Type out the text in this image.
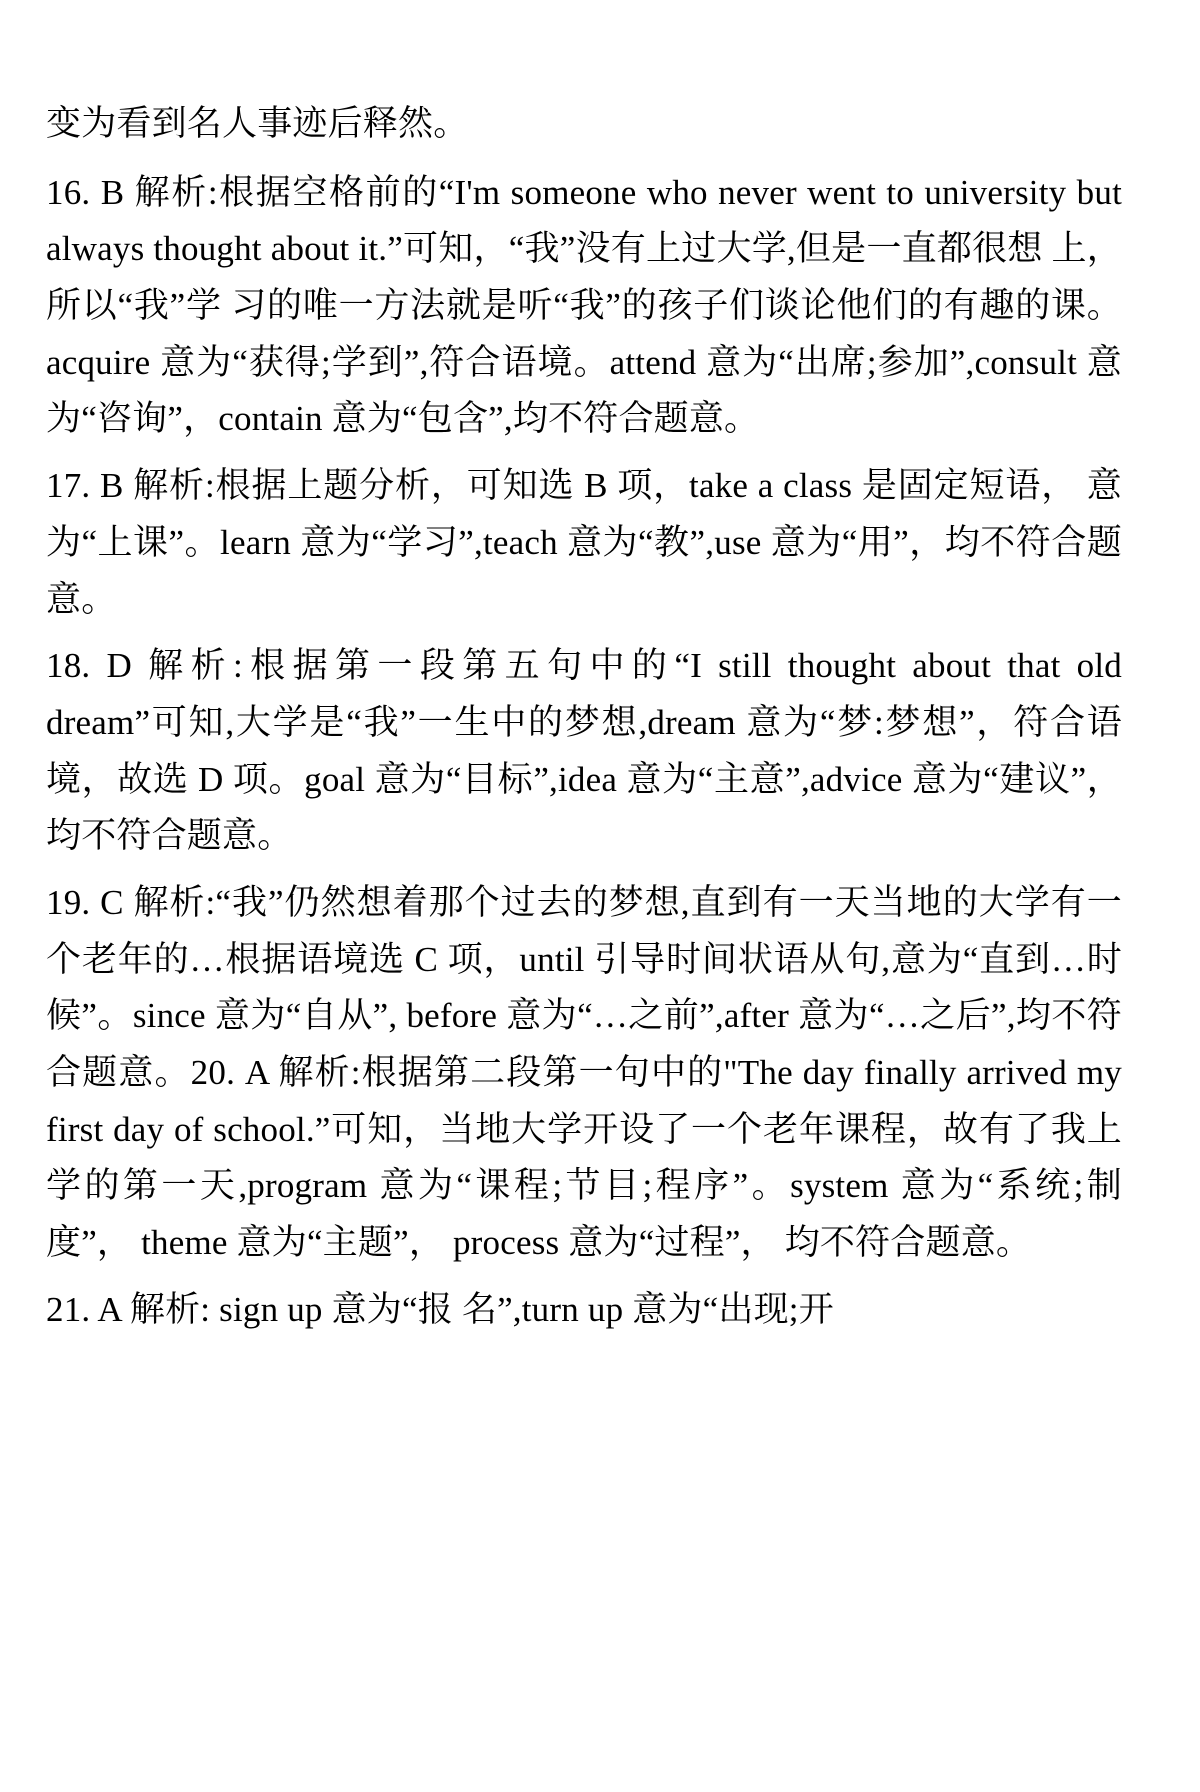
变为看到名人事迹后释然。

16. B 解析:根据空格前的“I'm someone who never went to university but always thought about it.”可知，“我”没有上过大学,但是一直都很想 上，所以“我”学 习的唯一方法就是听“我”的孩子们谈论他们的有趣的课。acquire 意为“获得;学到”,符合语境。attend 意为“出席;参加”,consult 意为“咨询”，contain 意为“包含”,均不符合题意。

17. B 解析:根据上题分析，可知选 B 项，take a class 是固定短语， 意为“上课”。learn 意为“学习”,teach 意为“教”,use 意为“用”，均不符合题意。

18. D 解析:根据第一段第五句中的“I still thought about that old dream”可知,大学是“我”一生中的梦想,dream 意为“梦:梦想”，符合语境，故选 D 项。goal 意为“目标”,idea 意为“主意”,advice 意为“建议”，均不符合题意。

19. C 解析:“我”仍然想着那个过去的梦想,直到有一天当地的大学有一个老年的…根据语境选 C 项，until 引导时间状语从句,意为“直到…时候”。since 意为“自从”, before 意为“…之前”,after 意为“…之后”,均不符合题意。20. A 解析:根据第二段第一句中的"The day finally arrived my first day of school.”可知，当地大学开设了一个老年课程，故有了我上学的第一天,program 意为“课程;节目;程序”。system 意为“系统;制度”， theme 意为“主题”， process 意为“过程”， 均不符合题意。

21. A 解析: sign up 意为“报 名”,turn up 意为“出现;开
